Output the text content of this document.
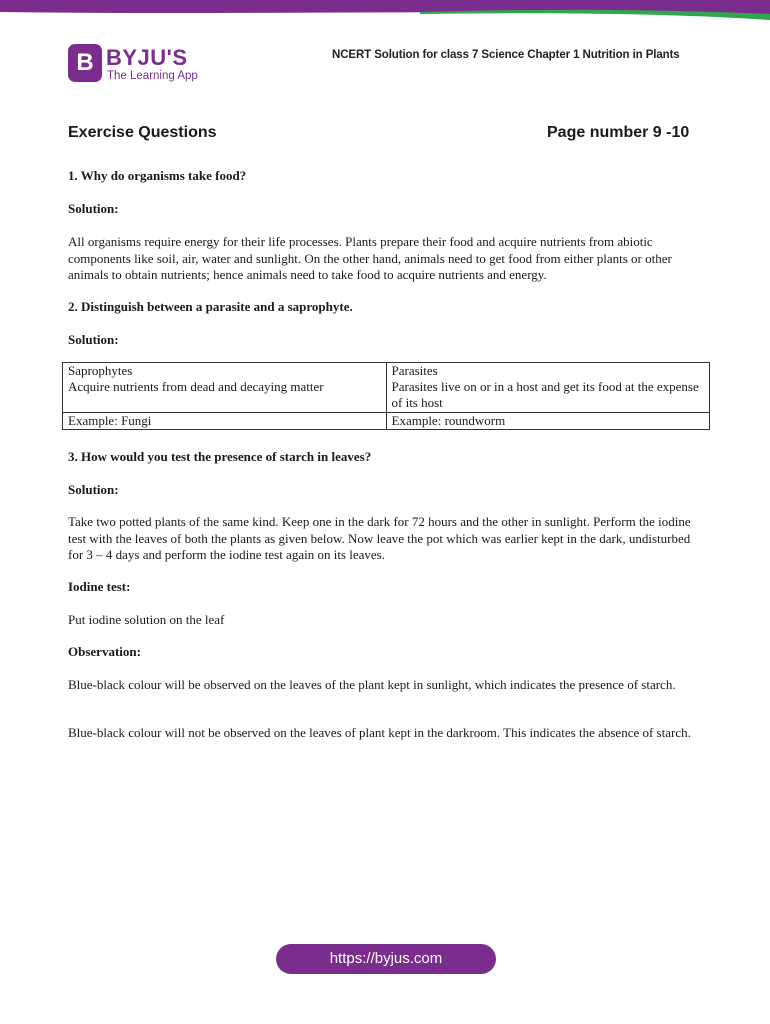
B BYJU'S
The Learning App
NCERT Solution for class 7 Science Chapter 1 Nutrition in Plants
Exercise Questions	Page number 9 -10
1. Why do organisms take food?
Solution:
All organisms require energy for their life processes. Plants prepare their food and acquire nutrients from abiotic components like soil, air, water and sunlight. On the other hand, animals need to get food from either plants or other animals to obtain nutrients; hence animals need to take food to acquire nutrients and energy.
2. Distinguish between a parasite and a saprophyte.
Solution:
Saprophytes	Parasites
Acquire nutrients from dead and decaying matter	Parasites live on or in a host and get its food at the expense of its host
Example: Fungi	Example: roundworm
3. How would you test the presence of starch in leaves?
Solution:
Take two potted plants of the same kind. Keep one in the dark for 72 hours and the other in sunlight. Perform the iodine test with the leaves of both the plants as given below. Now leave the pot which was earlier kept in the dark, undisturbed for 3 – 4 days and perform the iodine test again on its leaves.
Iodine test:
Put iodine solution on the leaf
Observation:
Blue-black colour will be observed on the leaves of the plant kept in sunlight, which indicates the presence of starch.
Blue-black colour will not be observed on the leaves of plant kept in the darkroom. This indicates the absence of starch.
https://byjus.com
